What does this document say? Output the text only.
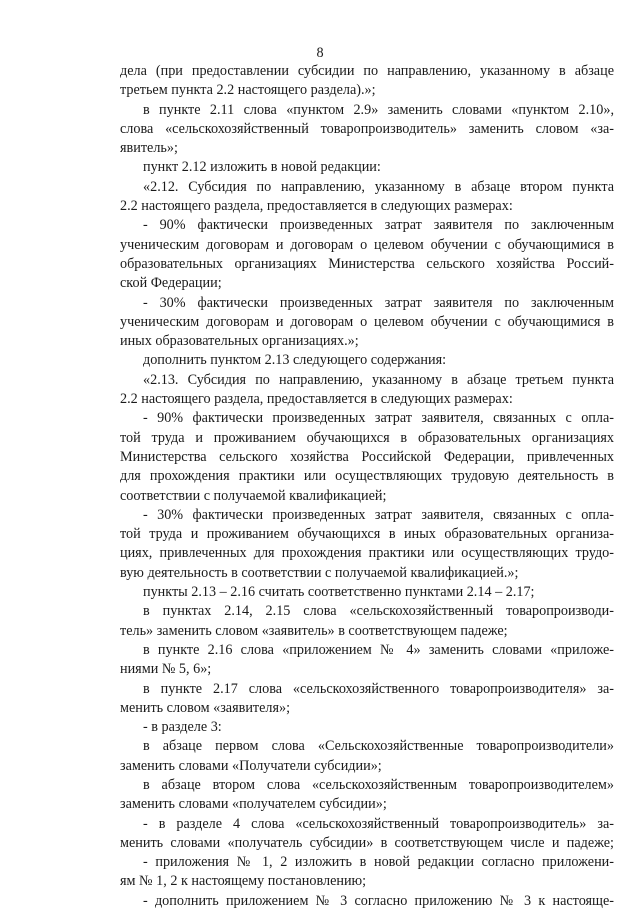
8
дела (при предоставлении субсидии по направлению, указанному в абзаце
третьем пункта 2.2 настоящего раздела).»;
в пункте 2.11 слова «пунктом 2.9» заменить словами «пунктом 2.10»,
слова «сельскохозяйственный товаропроизводитель» заменить словом «за-
явитель»;
пункт 2.12 изложить в новой редакции:
«2.12. Субсидия по направлению, указанному в абзаце втором пункта
2.2 настоящего раздела, предоставляется в следующих размерах:
- 90% фактически произведенных затрат заявителя по заключенным
ученическим договорам и договорам о целевом обучении с обучающимися в
образовательных организациях Министерства сельского хозяйства Россий-
ской Федерации;
- 30% фактически произведенных затрат заявителя по заключенным
ученическим договорам и договорам о целевом обучении с обучающимися в
иных образовательных организациях.»;
дополнить пунктом 2.13 следующего содержания:
«2.13. Субсидия по направлению, указанному в абзаце третьем пункта
2.2 настоящего раздела, предоставляется в следующих размерах:
- 90% фактически произведенных затрат заявителя, связанных с опла-
той труда и проживанием обучающихся в образовательных организациях
Министерства сельского хозяйства Российской Федерации, привлеченных
для прохождения практики или осуществляющих трудовую деятельность в
соответствии с получаемой квалификацией;
- 30% фактически произведенных затрат заявителя, связанных с опла-
той труда и проживанием обучающихся в иных образовательных организа-
циях, привлеченных для прохождения практики или осуществляющих трудо-
вую деятельность в соответствии с получаемой квалификацией.»;
пункты 2.13 – 2.16 считать соответственно пунктами 2.14 – 2.17;
в пунктах 2.14, 2.15 слова «сельскохозяйственный товаропроизводи-
тель» заменить словом «заявитель» в соответствующем падеже;
в пункте 2.16 слова «приложением № 4» заменить словами «приложе-
ниями № 5, 6»;
в пункте 2.17 слова «сельскохозяйственного товаропроизводителя» за-
менить словом «заявителя»;
- в разделе 3:
в абзаце первом слова «Сельскохозяйственные товаропроизводители»
заменить словами «Получатели субсидии»;
в абзаце втором слова «сельскохозяйственным товаропроизводителем»
заменить словами «получателем субсидии»;
- в разделе 4 слова «сельскохозяйственный товаропроизводитель» за-
менить словами «получатель субсидии» в соответствующем числе и падеже;
- приложения № 1, 2 изложить в новой редакции согласно приложени-
ям № 1, 2 к настоящему постановлению;
- дополнить приложением № 3 согласно приложению № 3 к настояще-
